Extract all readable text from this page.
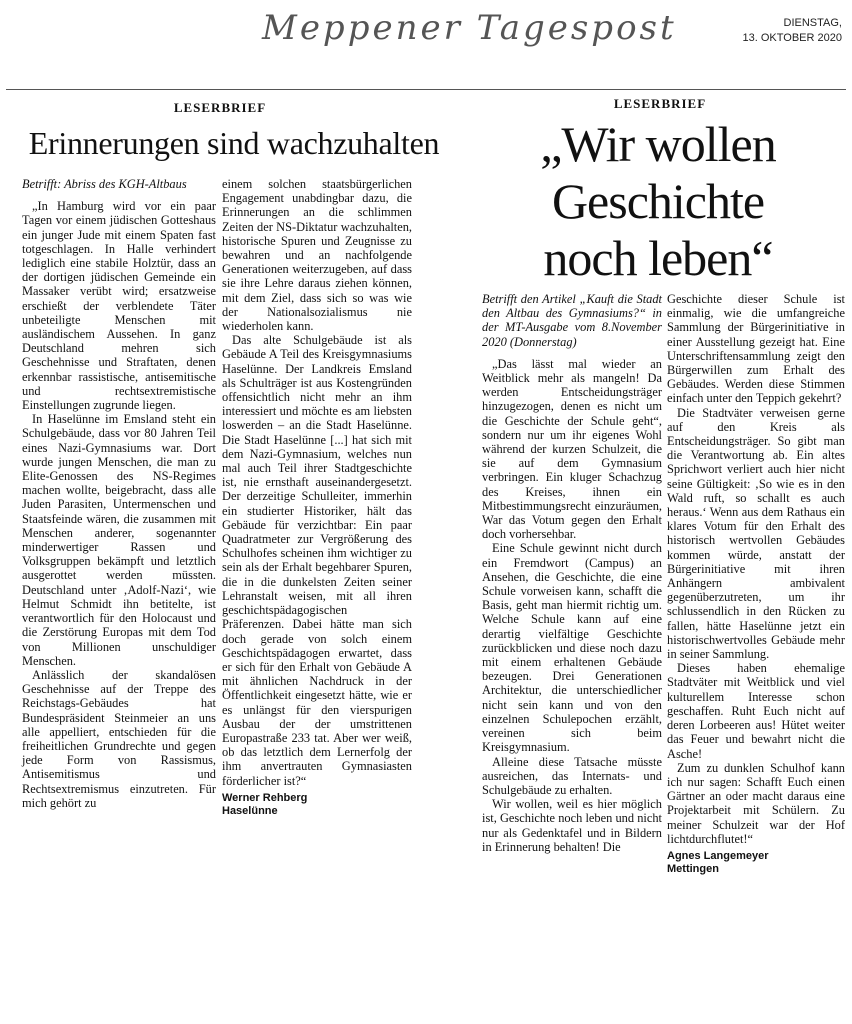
Meppener Tagespost	DIENSTAG,
13. OKTOBER 2020
LESERBRIEF
Erinnerungen sind wachzuhalten

Betrifft: Abriss des KGH-Altbaus

„In Hamburg wird vor ein paar Tagen vor einem jüdischen Gotteshaus ein junger Jude mit einem Spaten fast totgeschlagen. In Halle verhindert lediglich eine stabile Holztür, dass an der dortigen jüdischen Gemeinde ein Massaker verübt wird; ersatzweise erschießt der verblendete Täter unbeteiligte Menschen mit ausländischem Aussehen. In ganz Deutschland mehren sich Geschehnisse und Straftaten, denen erkennbar rassistische, antisemitische und rechtsextremistische Einstellungen zugrunde liegen.

In Haselünne im Emsland steht ein Schulgebäude, dass vor 80 Jahren Teil eines Nazi-Gymnasiums war. Dort wurde jungen Menschen, die man zu Elite-Genossen des NS-Regimes machen wollte, beigebracht, dass alle Juden Parasiten, Untermenschen und Staatsfeinde wären, die zusammen mit Menschen anderer, sogenannter minderwertiger Rassen und Volksgruppen bekämpft und letztlich ausgerottet werden müssten. Deutschland unter ‚Adolf-Nazi‘, wie Helmut Schmidt ihn betitelte, ist verantwortlich für den Holocaust und die Zerstörung Europas mit dem Tod von Millionen unschuldiger Menschen.

Anlässlich der skandalösen Geschehnisse auf der Treppe des Reichstags-Gebäudes hat Bundespräsident Steinmeier an uns alle appelliert, entschieden für die freiheitlichen Grundrechte und gegen jede Form von Rassismus, Antisemitismus und Rechtsextremismus einzutreten. Für mich gehört zu

einem solchen staatsbürgerlichen Engagement unabdingbar dazu, die Erinnerungen an die schlimmen Zeiten der NS-Diktatur wachzuhalten, historische Spuren und Zeugnisse zu bewahren und an nachfolgende Generationen weiterzugeben, auf dass sie ihre Lehre daraus ziehen können, mit dem Ziel, dass sich so was wie der Nationalsozialismus nie wiederholen kann.

Das alte Schulgebäude ist als Gebäude A Teil des Kreisgymnasiums Haselünne. Der Landkreis Emsland als Schulträger ist aus Kostengründen offensichtlich nicht mehr an ihm interessiert und möchte es am liebsten loswerden – an die Stadt Haselünne. Die Stadt Haselünne [...] hat sich mit dem Nazi-Gymnasium, welches nun mal auch Teil ihrer Stadtgeschichte ist, nie ernsthaft auseinandergesetzt. Der derzeitige Schulleiter, immerhin ein studierter Historiker, hält das Gebäude für verzichtbar: Ein paar Quadratmeter zur Vergrößerung des Schulhofes scheinen ihm wichtiger zu sein als der Erhalt begehbarer Spuren, die in die dunkelsten Zeiten seiner Lehranstalt weisen, mit all ihren geschichtspädagogischen Präferenzen. Dabei hätte man sich doch gerade von solch einem Geschichtspädagogen erwartet, dass er sich für den Erhalt von Gebäude A mit ähnlichen Nachdruck in der Öffentlichkeit eingesetzt hätte, wie er es unlängst für den vierspurigen Ausbau der der umstrittenen Europastraße 233 tat. Aber wer weiß, ob das letztlich dem Lernerfolg der ihm anvertrauten Gymnasiasten förderlicher ist?“

Werner Rehberg
Haselünne
LESERBRIEF
„Wir wollen
Geschichte
noch leben“

Betrifft den Artikel „Kauft die Stadt den Altbau des Gymnasiums?“ in der MT-Ausgabe vom 8.November 2020 (Donnerstag)

„Das lässt mal wieder an Weitblick mehr als mangeln! Da werden Entscheidungsträger hinzugezogen, denen es nicht um die Geschichte der Schule geht“, sondern nur um ihr eigenes Wohl während der kurzen Schulzeit, die sie auf dem Gymnasium verbringen. Ein kluger Schachzug des Kreises, ihnen ein Mitbestimmungsrecht einzuräumen, War das Votum gegen den Erhalt doch vorhersehbar.

Eine Schule gewinnt nicht durch ein Fremdwort (Campus) an Ansehen, die Geschichte, die eine Schule vorweisen kann, schafft die Basis, geht man hiermit richtig um. Welche Schule kann auf eine derartig vielfältige Geschichte zurückblicken und diese noch dazu mit einem erhaltenen Gebäude bezeugen. Drei Generationen Architektur, die unterschiedlicher nicht sein kann und von den einzelnen Schulepochen erzählt, vereinen sich beim Kreisgymnasium.

Alleine diese Tatsache müsste ausreichen, das Internats- und Schulgebäude zu erhalten.

Wir wollen, weil es hier möglich ist, Geschichte noch leben und nicht nur als Gedenktafel und in Bildern in Erinnerung behalten! Die

Geschichte dieser Schule ist einmalig, wie die umfangreiche Sammlung der Bürgerinitiative in einer Ausstellung gezeigt hat. Eine Unterschriftensammlung zeigt den Bürgerwillen zum Erhalt des Gebäudes. Werden diese Stimmen einfach unter den Teppich gekehrt?

Die Stadtväter verweisen gerne auf den Kreis als Entscheidungsträger. So gibt man die Verantwortung ab. Ein altes Sprichwort verliert auch hier nicht seine Gültigkeit: ‚So wie es in den Wald ruft, so schallt es auch heraus.‘ Wenn aus dem Rathaus ein klares Votum für den Erhalt des historisch wertvollen Gebäudes kommen würde, anstatt der Bürgerinitiative mit ihren Anhängern ambivalent gegenüberzutreten, um ihr schlussendlich in den Rücken zu fallen, hätte Haselünne jetzt ein historischwertvolles Gebäude mehr in seiner Sammlung.

Dieses haben ehemalige Stadtväter mit Weitblick und viel kulturellem Interesse schon geschaffen. Ruht Euch nicht auf deren Lorbeeren aus! Hütet weiter das Feuer und bewahrt nicht die Asche!

Zum zu dunklen Schulhof kann ich nur sagen: Schafft Euch einen Gärtner an oder macht daraus eine Projektarbeit mit Schülern. Zu meiner Schulzeit war der Hof lichtdurchflutet!“

Agnes Langemeyer
Mettingen
